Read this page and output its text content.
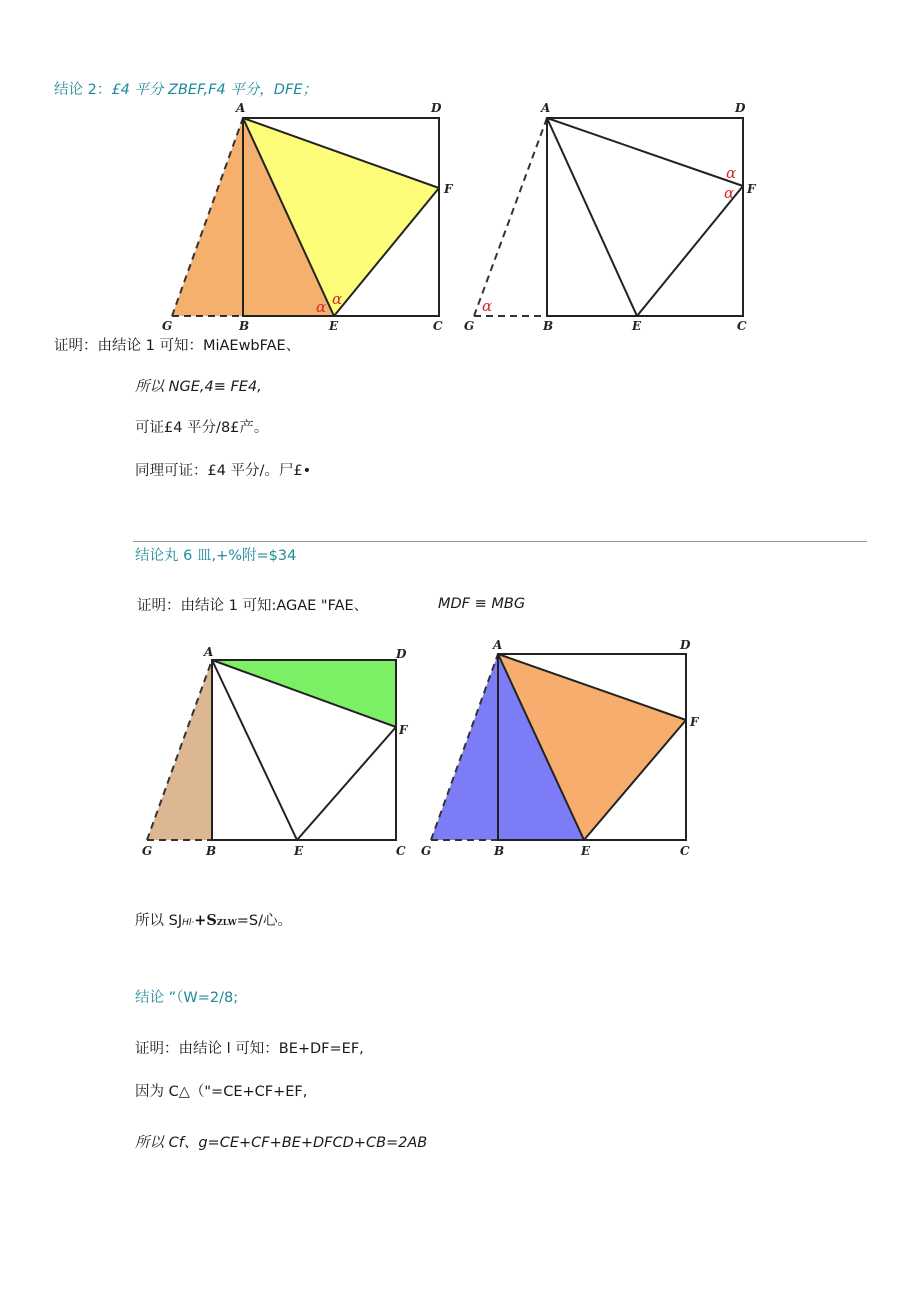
结论 2：£4 平分 ZBEF,F4 平分，DFE；
A	D
F
G	B	E	C
α α
A	D
F
G	B	E	C
α
α
α
证明：由结论 1 可知：MiAEwbFAE、
所以 NGE,4≡ FE4,
可证£4 平分/8£产。
同理可证：£4 平分/。尸£•
结论丸 6 皿,+%附=$34
证明：由结论 1 可知:AGAE "FAE、	MDF ≡ MBG
A	D
F
G	B	E	C
A	D
F
G	B	E	C
所以 SJHl·+SZLW=S/心。
结论 ”（W=2/8;
证明：由结论 l 可知：BE+DF=EF,
因为 C△（"=CE+CF+EF,
所以 Cf、g=CE+CF+BE+DFCD+CB=2AB
